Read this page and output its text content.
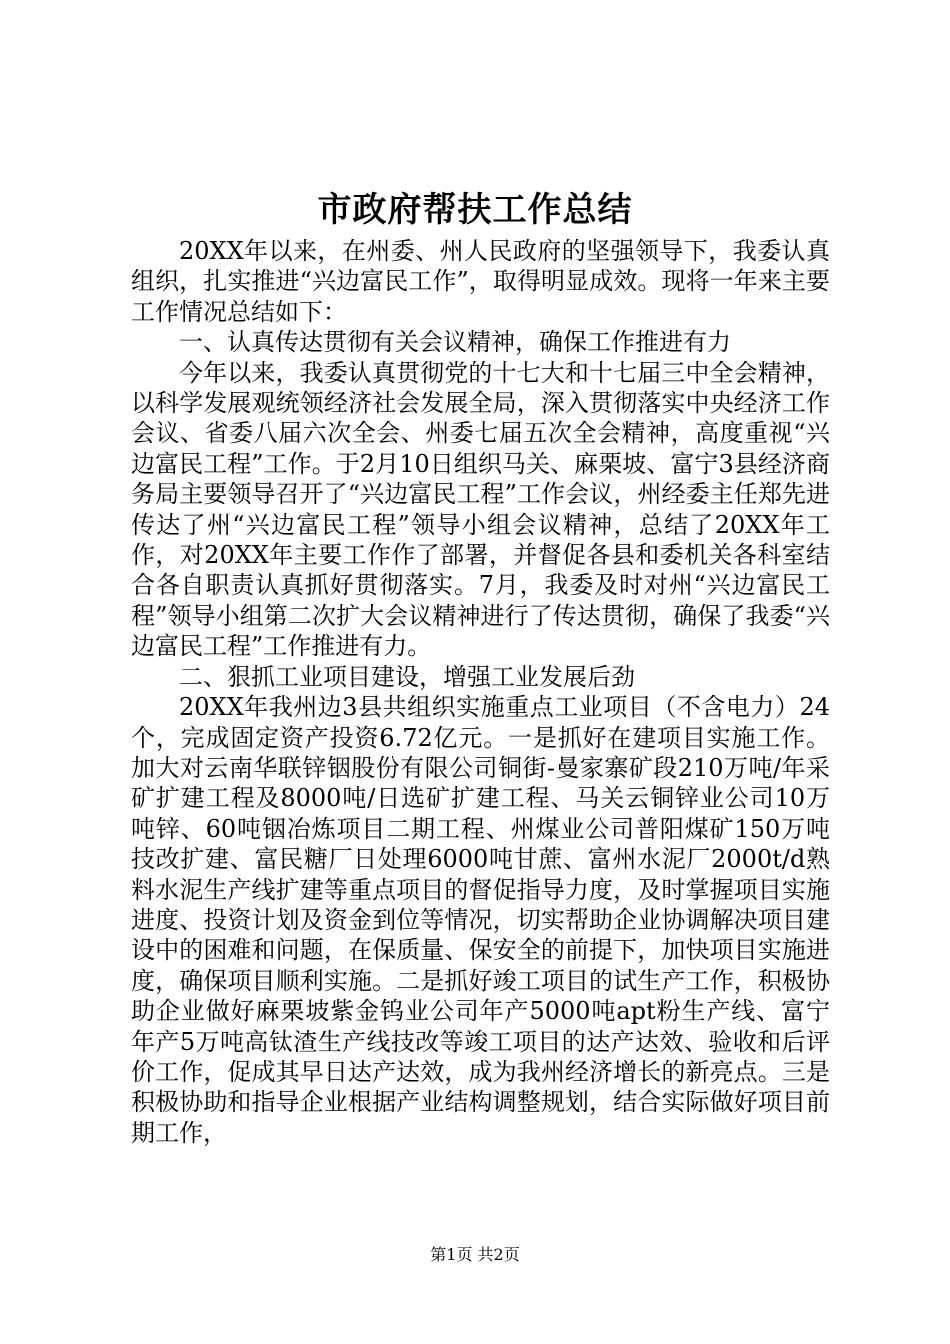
市政府帮扶工作总结

20XX年以来，在州委、州人民政府的坚强领导下，我委认真组织，扎实推进“兴边富民工作”，取得明显成效。现将一年来主要工作情况总结如下：

一、认真传达贯彻有关会议精神，确保工作推进有力

今年以来，我委认真贯彻党的十七大和十七届三中全会精神，以科学发展观统领经济社会发展全局，深入贯彻落实中央经济工作会议、省委八届六次全会、州委七届五次全会精神，高度重视“兴边富民工程”工作。于2月10日组织马关、麻栗坡、富宁3县经济商务局主要领导召开了“兴边富民工程”工作会议，州经委主任郑先进传达了州“兴边富民工程”领导小组会议精神，总结了20XX年工作，对20XX年主要工作作了部署，并督促各县和委机关各科室结合各自职责认真抓好贯彻落实。7月，我委及时对州“兴边富民工程”领导小组第二次扩大会议精神进行了传达贯彻，确保了我委“兴边富民工程”工作推进有力。

二、狠抓工业项目建设，增强工业发展后劲

20XX年我州边3县共组织实施重点工业项目（不含电力）24个，完成固定资产投资6.72亿元。一是抓好在建项目实施工作。加大对云南华联锌铟股份有限公司铜街-曼家寨矿段210万吨/年采矿扩建工程及8000吨/日选矿扩建工程、马关云铜锌业公司10万吨锌、60吨铟冶炼项目二期工程、州煤业公司普阳煤矿150万吨技改扩建、富民糖厂日处理6000吨甘蔗、富州水泥厂2000t/d熟料水泥生产线扩建等重点项目的督促指导力度，及时掌握项目实施进度、投资计划及资金到位等情况，切实帮助企业协调解决项目建设中的困难和问题，在保质量、保安全的前提下，加快项目实施进度，确保项目顺利实施。二是抓好竣工项目的试生产工作，积极协助企业做好麻栗坡紫金钨业公司年产5000吨apt粉生产线、富宁年产5万吨高钛渣生产线技改等竣工项目的达产达效、验收和后评价工作，促成其早日达产达效，成为我州经济增长的新亮点。三是积极协助和指导企业根据产业结构调整规划，结合实际做好项目前期工作，

第1页 共2页
